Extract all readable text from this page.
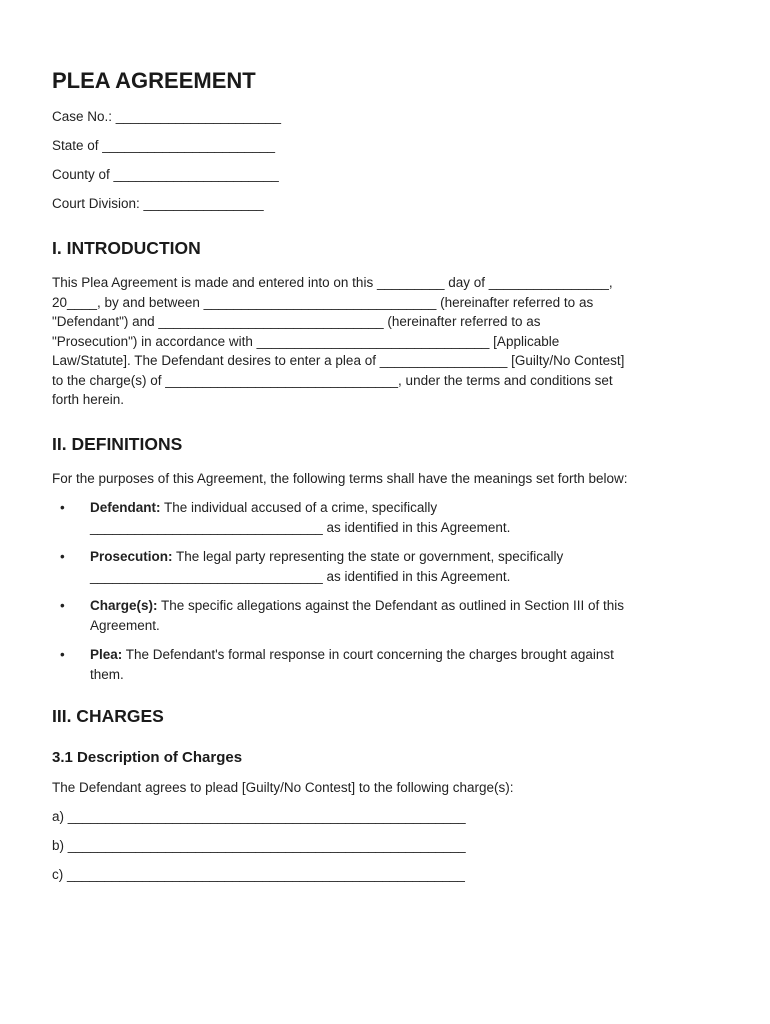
PLEA AGREEMENT
Case No.: ______________________
State of _______________________
County of ______________________
Court Division: ________________
I. INTRODUCTION

This Plea Agreement is made and entered into on this _________ day of ________________,
20____, by and between _______________________________ (hereinafter referred to as
"Defendant") and ______________________________ (hereinafter referred to as
"Prosecution") in accordance with _______________________________ [Applicable
Law/Statute]. The Defendant desires to enter a plea of _________________ [Guilty/No Contest]
to the charge(s) of _______________________________, under the terms and conditions set
forth herein.

II. DEFINITIONS

For the purposes of this Agreement, the following terms shall have the meanings set forth below:

• Defendant: The individual accused of a crime, specifically
_______________________________ as identified in this Agreement.
• Prosecution: The legal party representing the state or government, specifically
_______________________________ as identified in this Agreement.
• Charge(s): The specific allegations against the Defendant as outlined in Section III of this
Agreement.
• Plea: The Defendant's formal response in court concerning the charges brought against
them.
III. CHARGES
3.1 Description of Charges

The Defendant agrees to plead [Guilty/No Contest] to the following charge(s):

a) _____________________________________________________
b) _____________________________________________________
c) _____________________________________________________
